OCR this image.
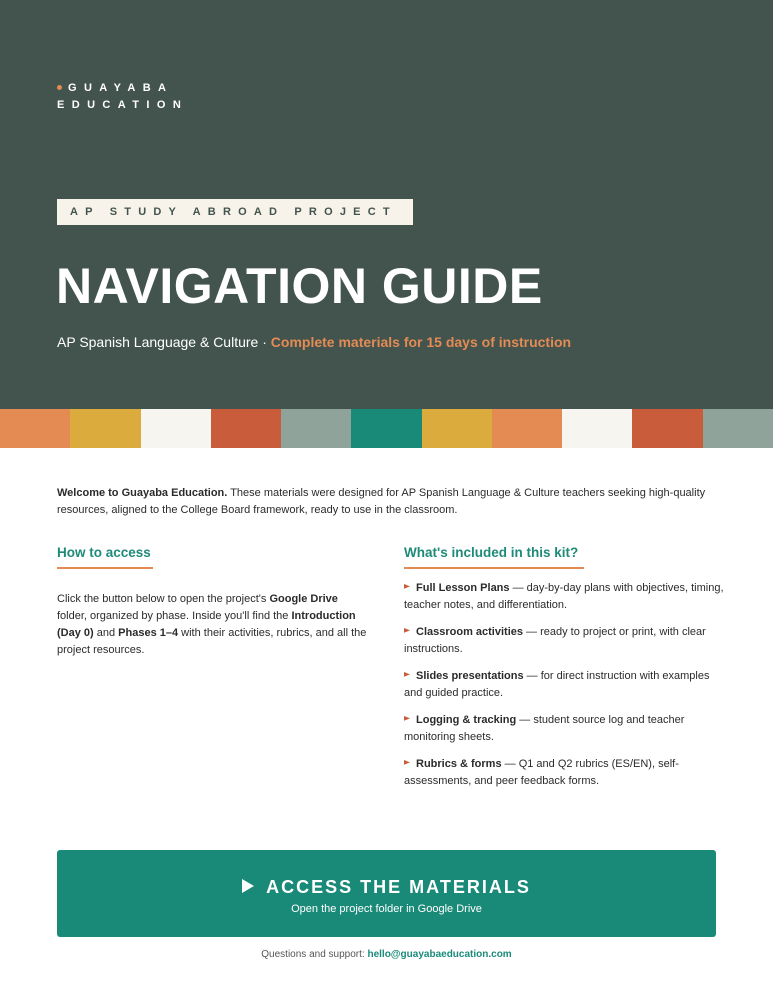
GUAYABA
EDUCATION
AP STUDY ABROAD PROJECT
NAVIGATION GUIDE

AP Spanish Language & Culture · Complete materials for 15 days of instruction

Welcome to Guayaba Education. These materials were designed for AP Spanish Language & Culture teachers seeking high-quality resources, aligned to the College Board framework, ready to use in the classroom.

How to access

Click the button below to open the project's Google Drive folder, organized by phase. Inside you'll find the Introduction (Day 0) and Phases 1–4 with their activities, rubrics, and all the project resources.

What's included in this kit?
Full Lesson Plans — day-by-day plans with objectives, timing, teacher notes, and differentiation.
Classroom activities — ready to project or print, with clear instructions.
Slides presentations — for direct instruction with examples and guided practice.
Logging & tracking — student source log and teacher monitoring sheets.
Rubrics & forms — Q1 and Q2 rubrics (ES/EN), self-assessments, and peer feedback forms.
ACCESS THE MATERIALS
Open the project folder in Google Drive

Questions and support: hello@guayabaeducation.com
